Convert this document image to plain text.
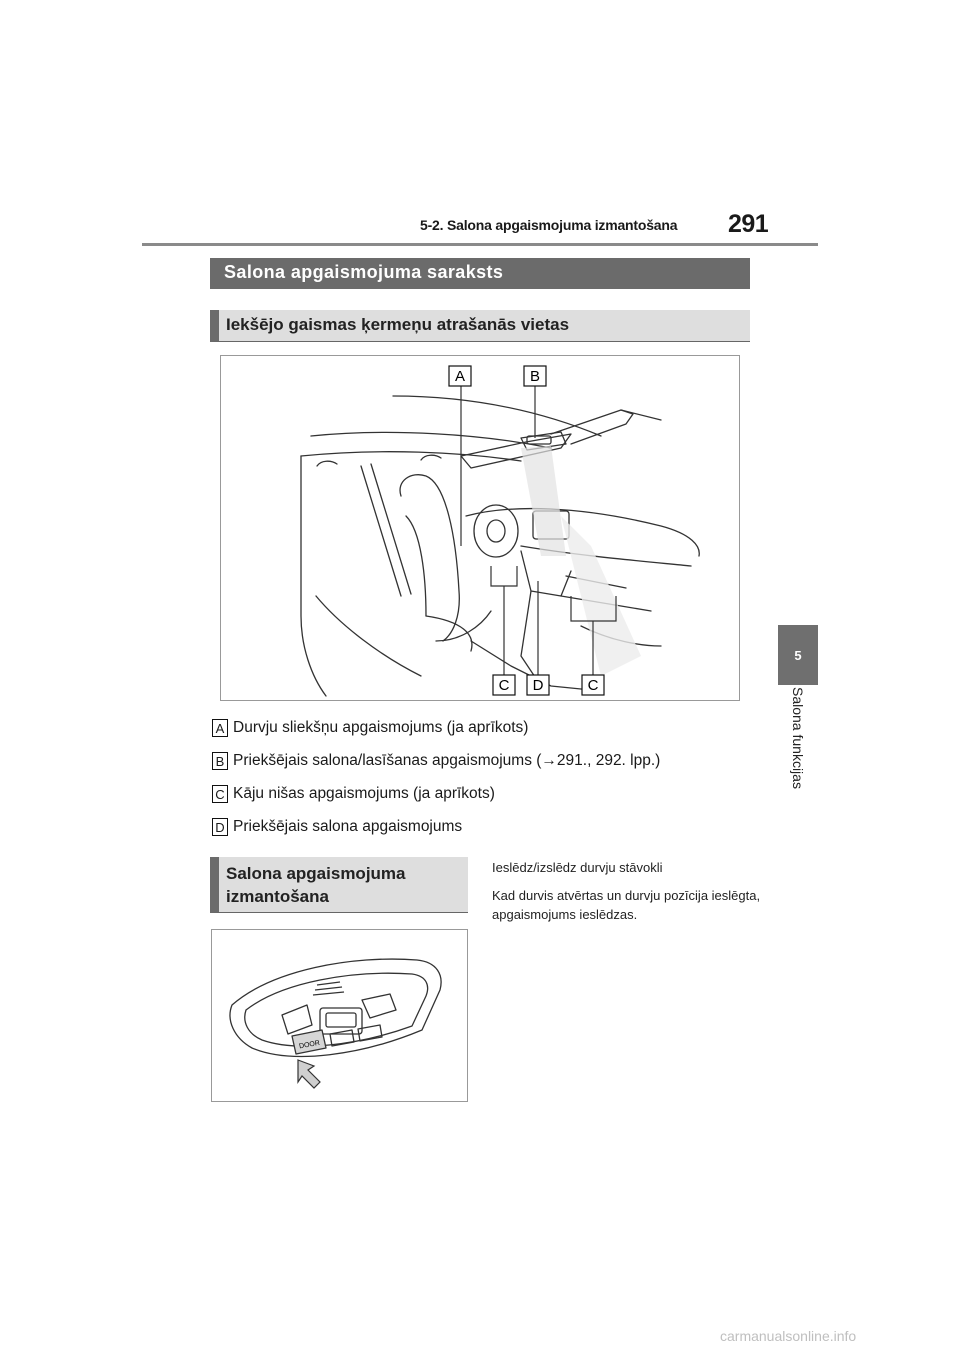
5-2. Salona apgaismojuma izmantošana 291
5
Salona funkcijas
Salona apgaismojuma saraksts
Iekšējo gaismas ķermeņu atrašanās vietas
A	B
C D	C
A Durvju sliekšņu apgaismojums (ja aprīkots)
B Priekšējais salona/lasīšanas apgaismojums (→291., 292. lpp.)
C Kāju nišas apgaismojums (ja aprīkots)
D Priekšējais salona apgaismojums
Salona apgaismojuma
izmantošana
DOOR

Ieslēdz/izslēdz durvju stāvokli

Kad durvis atvērtas un durvju pozīcija ieslēgta, apgaismojums ieslēdzas.

carmanualsonline.info
